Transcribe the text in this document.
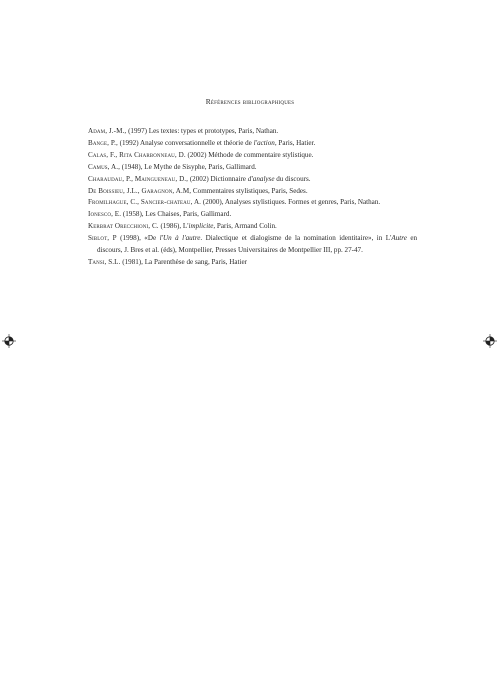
Références bibliographiques
Adam, J.-M., (1997) Les textes: types et prototypes, Paris, Nathan.
Bange, P., (1992) Analyse conversationnelle et théorie de l'action, Paris, Hatier.
Calas, F., Rita Charbonneau, D. (2002) Méthode de commentaire stylistique.
Camus, A., (1948), Le Mythe de Sisyphe, Paris, Gallimard.
Charaudau, P., Maingueneau, D., (2002) Dictionnaire d'analyse du discours.
De Boissieu, J.L., Garagnon, A.M, Commentaires stylistiques, Paris, Sedes.
Fromilhague, C., Sancier-chateau, A. (2000), Analyses stylistiques. Formes et genres, Paris, Nathan.
Ionesco, E. (1958), Les Chaises, Paris, Gallimard.
Kerbrat Orecchioni, C. (1986), L'implicite, Paris, Armand Colin.
Siblot, P (1998), «De l'Un à l'autre. Dialectique et dialogisme de la nomination identitaire», in L'Autre en discours, J. Bres et al. (éds), Montpellier, Presses Universitaires de Montpellier III, pp. 27-47.
Tansi, S.L. (1981), La Parenthèse de sang, Paris, Hatier
